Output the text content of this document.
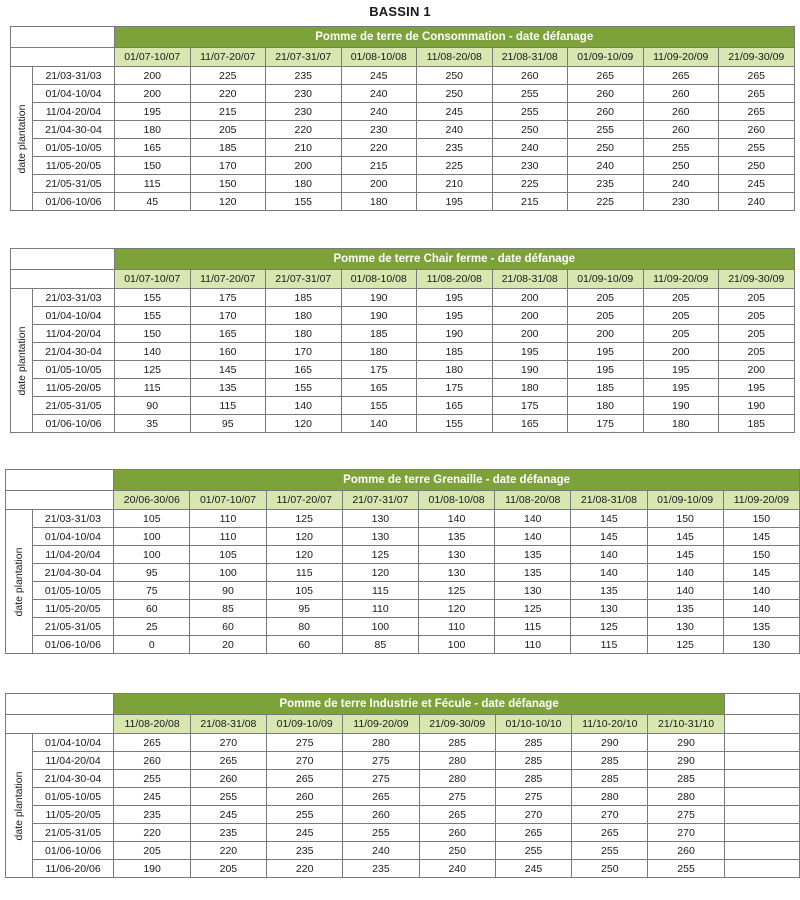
BASSIN 1
		Pomme de terre de Consommation - date défanage								
		01/07-10/07	11/07-20/07	21/07-31/07	01/08-10/08	11/08-20/08	21/08-31/08	01/09-10/09	11/09-20/09	21/09-30/09

date plantation	21/03-31/03	200	225	235	245	250	260	265	265	265
	01/04-10/04	200	220	230	240	250	255	260	260	265
	11/04-20/04	195	215	230	240	245	255	260	260	265
	21/04-30-04	180	205	220	230	240	250	255	260	260
	01/05-10/05	165	185	210	220	235	240	250	255	255
	11/05-20/05	150	170	200	215	225	230	240	250	250
	21/05-31/05	115	150	180	200	210	225	235	240	245
	01/06-10/06	45	120	155	180	195	215	225	230	240
		Pomme de terre Chair ferme - date défanage								
		01/07-10/07	11/07-20/07	21/07-31/07	01/08-10/08	11/08-20/08	21/08-31/08	01/09-10/09	11/09-20/09	21/09-30/09

date plantation	21/03-31/03	155	175	185	190	195	200	205	205	205
	01/04-10/04	155	170	180	190	195	200	205	205	205
	11/04-20/04	150	165	180	185	190	200	200	205	205
	21/04-30-04	140	160	170	180	185	195	195	200	205
	01/05-10/05	125	145	165	175	180	190	195	195	200
	11/05-20/05	115	135	155	165	175	180	185	195	195
	21/05-31/05	90	115	140	155	165	175	180	190	190
	01/06-10/06	35	95	120	140	155	165	175	180	185
		Pomme de terre Grenaille - date défanage								
		20/06-30/06	01/07-10/07	11/07-20/07	21/07-31/07	01/08-10/08	11/08-20/08	21/08-31/08	01/09-10/09	11/09-20/09

date plantation	21/03-31/03	105	110	125	130	140	140	145	150	150
	01/04-10/04	100	110	120	130	135	140	145	145	145
	11/04-20/04	100	105	120	125	130	135	140	145	150
	21/04-30-04	95	100	115	120	130	135	140	140	145
	01/05-10/05	75	90	105	115	125	130	135	140	140
	11/05-20/05	60	85	95	110	120	125	130	135	140
	21/05-31/05	25	60	80	100	110	115	125	130	135
	01/06-10/06	0	20	60	85	100	110	115	125	130
		Pomme de terre Industrie et Fécule - date défanage								
		11/08-20/08	21/08-31/08	01/09-10/09	11/09-20/09	21/09-30/09	01/10-10/10	11/10-20/10	21/10-31/10	

date plantation	01/04-10/04	265	270	275	280	285	285	290	290	
	11/04-20/04	260	265	270	275	280	285	285	290	
	21/04-30-04	255	260	265	275	280	285	285	285	
	01/05-10/05	245	255	260	265	275	275	280	280	
	11/05-20/05	235	245	255	260	265	270	270	275	
	21/05-31/05	220	235	245	255	260	265	265	270	
	01/06-10/06	205	220	235	240	250	255	255	260	
	11/06-20/06	190	205	220	235	240	245	250	255	
